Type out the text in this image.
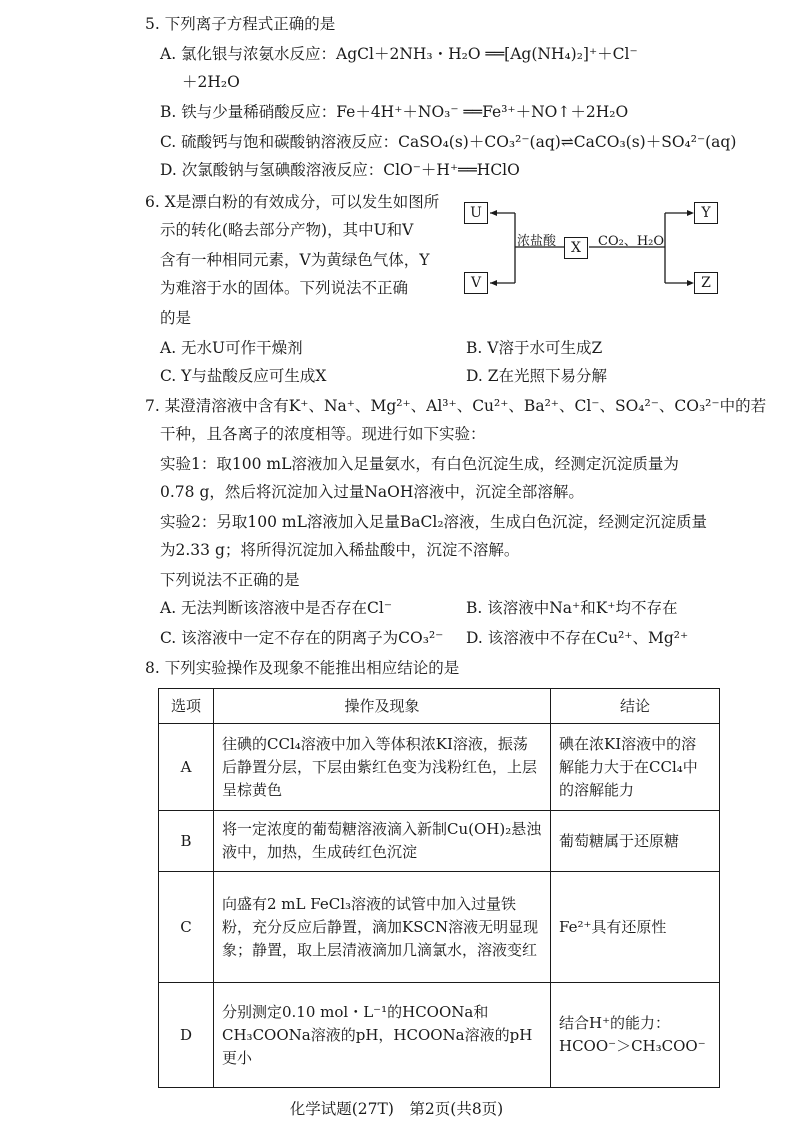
5. 下列离子方程式正确的是
A. 氯化银与浓氨水反应：AgCl＋2NH₃・H₂O ══[Ag(NH₄)₂]⁺＋Cl⁻
＋2H₂O
B. 铁与少量稀硝酸反应：Fe＋4H⁺＋NO₃⁻ ══Fe³⁺＋NO↑＋2H₂O
C. 硫酸钙与饱和碳酸钠溶液反应：CaSO₄(s)＋CO₃²⁻(aq)⇌CaCO₃(s)＋SO₄²⁻(aq)
D. 次氯酸钠与氢碘酸溶液反应：ClO⁻＋H⁺══HClO
6. X是漂白粉的有效成分，可以发生如图所
示的转化(略去部分产物)，其中U和V
含有一种相同元素，V为黄绿色气体，Y
为难溶于水的固体。下列说法不正确
的是
U
V
X
Y
Z
浓盐酸	CO₂、H₂O
A. 无水U可作干燥剂	B. V溶于水可生成Z
C. Y与盐酸反应可生成X	D. Z在光照下易分解
7. 某澄清溶液中含有K⁺、Na⁺、Mg²⁺、Al³⁺、Cu²⁺、Ba²⁺、Cl⁻、SO₄²⁻、CO₃²⁻中的若
干种，且各离子的浓度相等。现进行如下实验：
实验1：取100 mL溶液加入足量氨水，有白色沉淀生成，经测定沉淀质量为
0.78 g，然后将沉淀加入过量NaOH溶液中，沉淀全部溶解。
实验2：另取100 mL溶液加入足量BaCl₂溶液，生成白色沉淀，经测定沉淀质量
为2.33 g；将所得沉淀加入稀盐酸中，沉淀不溶解。
下列说法不正确的是
A. 无法判断该溶液中是否存在Cl⁻	B. 该溶液中Na⁺和K⁺均不存在
C. 该溶液中一定不存在的阴离子为CO₃²⁻ D. 该溶液中不存在Cu²⁺、Mg²⁺
8. 下列实验操作及现象不能推出相应结论的是
选项	操作及现象	结论
A	往碘的CCl₄溶液中加入等体积浓KI溶液，振荡后静置分层，下层由紫红色变为浅粉红色，上层呈棕黄色	碘在浓KI溶液中的溶解能力大于在CCl₄中的溶解能力
B	将一定浓度的葡萄糖溶液滴入新制Cu(OH)₂悬浊液中，加热，生成砖红色沉淀	葡萄糖属于还原糖
C	向盛有2 mL FeCl₃溶液的试管中加入过量铁粉，充分反应后静置，滴加KSCN溶液无明显现象；静置，取上层清液滴加几滴氯水，溶液变红	Fe²⁺具有还原性
D	分别测定0.10 mol・L⁻¹的HCOONa和CH₃COONa溶液的pH，HCOONa溶液的pH更小	结合H⁺的能力：HCOO⁻＞CH₃COO⁻
化学试题(27T)　第2页(共8页)
